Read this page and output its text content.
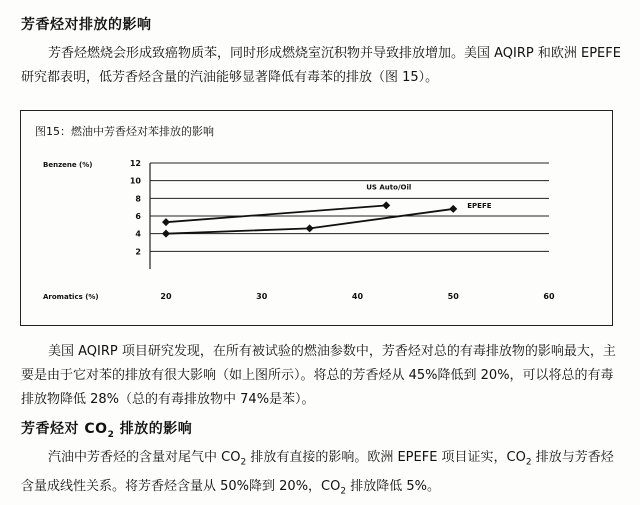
芳香烃对排放的影响

芳香烃燃烧会形成致癌物质苯，同时形成燃烧室沉积物并导致排放增加。美国 AQIRP 和欧洲 EPEFE 研究都表明，低芳香烃含量的汽油能够显著降低有毒苯的排放（图 15）。

图15：燃油中芳香烃对苯排放的影响
Benzene (%)
Aromatics (%)
2
4
6
8
10
12
20	30	40	50	60
US Auto/Oil
EPEFE

美国 AQIRP 项目研究发现，在所有被试验的燃油参数中，芳香烃对总的有毒排放物的影响最大，主要是由于它对苯的排放有很大影响（如上图所示）。将总的芳香烃从 45%降低到 20%，可以将总的有毒排放物降低 28%（总的有毒排放物中 74%是苯）。

芳香烃对 $CO_2$ 排放的影响

汽油中芳香烃的含量对尾气中 $CO_2$ 排放有直接的影响。欧洲 EPEFE 项目证实，$CO_2$ 排放与芳香烃含量成线性关系。将芳香烃含量从 50%降到 20%，$CO_2$ 排放降低 5%。
